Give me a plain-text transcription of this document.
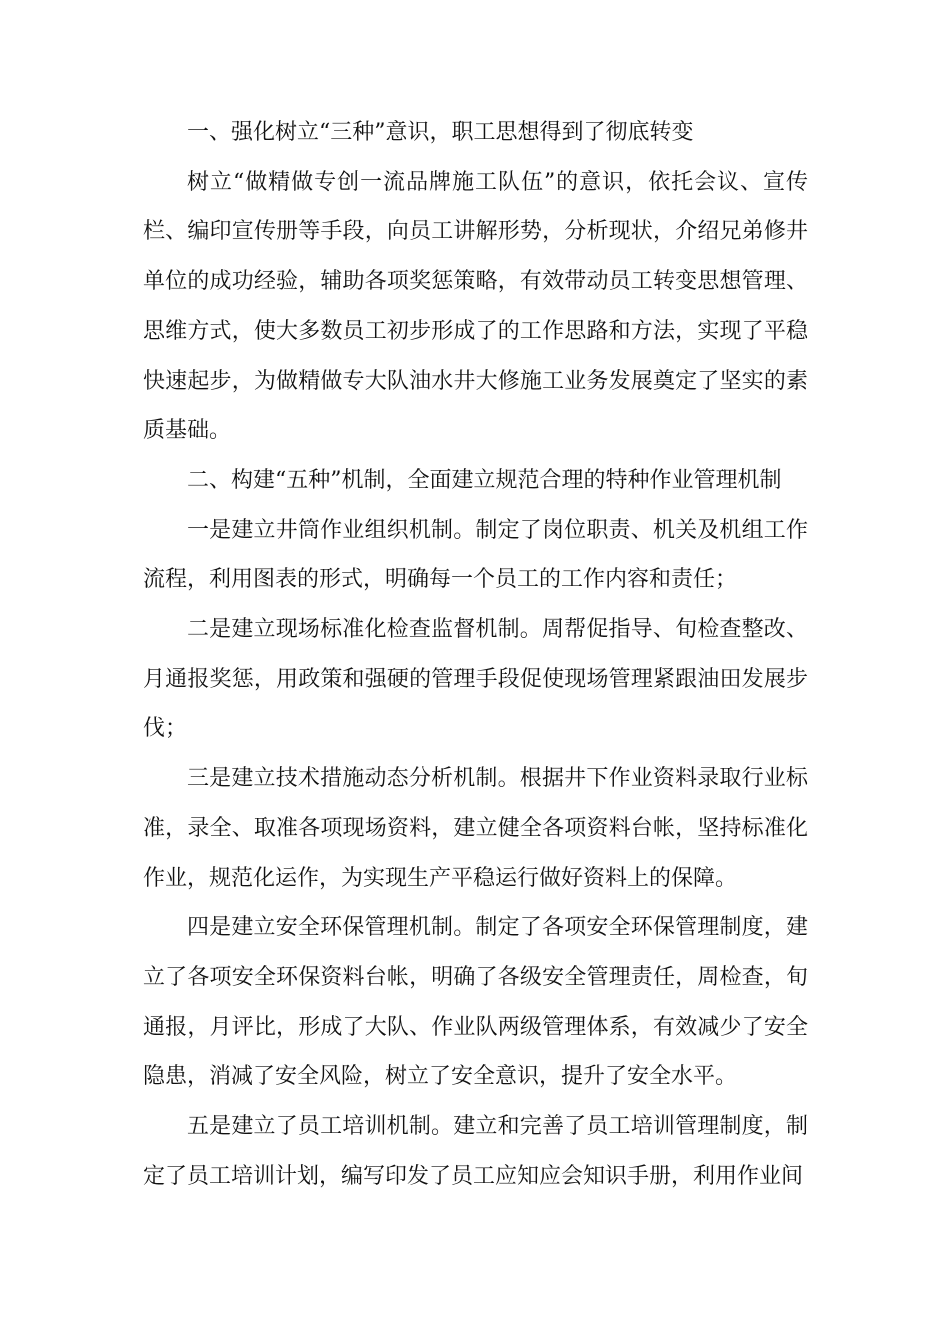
一、强化树立“三种”意识，职工思想得到了彻底转变

树立“做精做专创一流品牌施工队伍”的意识，依托会议、宣传栏、编印宣传册等手段，向员工讲解形势，分析现状，介绍兄弟修井单位的成功经验，辅助各项奖惩策略，有效带动员工转变思想管理、思维方式，使大多数员工初步形成了的工作思路和方法，实现了平稳快速起步，为做精做专大队油水井大修施工业务发展奠定了坚实的素质基础。

二、构建“五种”机制，全面建立规范合理的特种作业管理机制

一是建立井筒作业组织机制。制定了岗位职责、机关及机组工作流程，利用图表的形式，明确每一个员工的工作内容和责任；

二是建立现场标准化检查监督机制。周帮促指导、旬检查整改、月通报奖惩，用政策和强硬的管理手段促使现场管理紧跟油田发展步伐；

三是建立技术措施动态分析机制。根据井下作业资料录取行业标准，录全、取准各项现场资料，建立健全各项资料台帐，坚持标准化作业，规范化运作，为实现生产平稳运行做好资料上的保障。

四是建立安全环保管理机制。制定了各项安全环保管理制度，建立了各项安全环保资料台帐，明确了各级安全管理责任，周检查，旬通报，月评比，形成了大队、作业队两级管理体系，有效减少了安全隐患，消减了安全风险，树立了安全意识，提升了安全水平。

五是建立了员工培训机制。建立和完善了员工培训管理制度，制定了员工培训计划，编写印发了员工应知应会知识手册，利用作业间
